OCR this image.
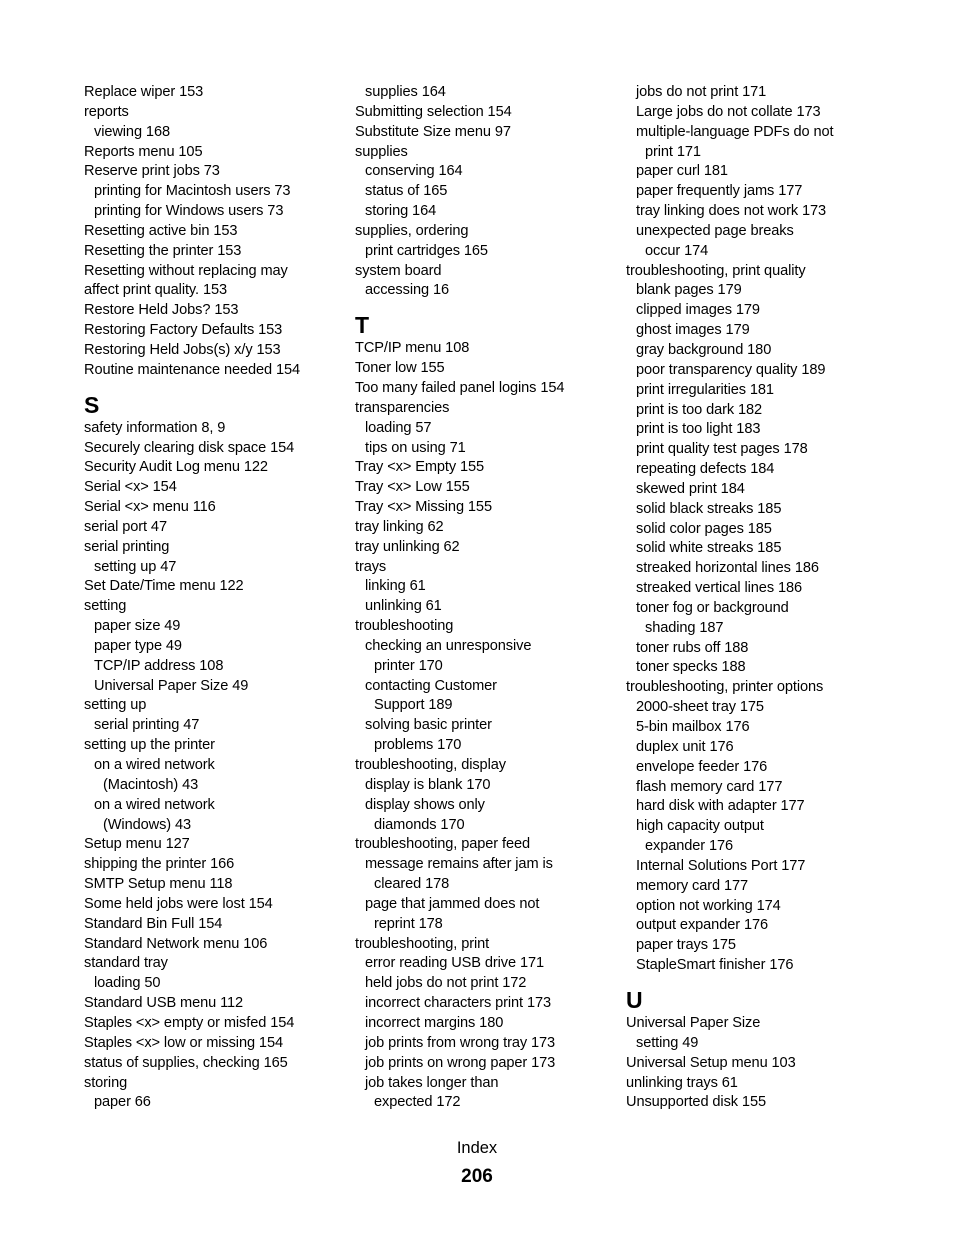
Replace wiper 153
reports
viewing 168
Reports menu 105
Reserve print jobs 73
printing for Macintosh users 73
printing for Windows users 73
Resetting active bin 153
Resetting the printer 153
Resetting without replacing may
affect print quality. 153
Restore Held Jobs? 153
Restoring Factory Defaults 153
Restoring Held Jobs(s) x/y 153
Routine maintenance needed 154
S
safety information 8, 9
Securely clearing disk space 154
Security Audit Log menu 122
Serial <x> 154
Serial <x> menu 116
serial port 47
serial printing
setting up 47
Set Date/Time menu 122
setting
paper size 49
paper type 49
TCP/IP address 108
Universal Paper Size 49
setting up
serial printing 47
setting up the printer
on a wired network
(Macintosh) 43
on a wired network
(Windows) 43
Setup menu 127
shipping the printer 166
SMTP Setup menu 118
Some held jobs were lost 154
Standard Bin Full 154
Standard Network menu 106
standard tray
loading 50
Standard USB menu 112
Staples <x> empty or misfed 154
Staples <x> low or missing 154
status of supplies, checking 165
storing
paper 66
supplies 164
Submitting selection 154
Substitute Size menu 97
supplies
conserving 164
status of 165
storing 164
supplies, ordering
print cartridges 165
system board
accessing 16
T
TCP/IP menu 108
Toner low 155
Too many failed panel logins 154
transparencies
loading 57
tips on using 71
Tray <x> Empty 155
Tray <x> Low 155
Tray <x> Missing 155
tray linking 62
tray unlinking 62
trays
linking 61
unlinking 61
troubleshooting
checking an unresponsive
printer 170
contacting Customer
Support 189
solving basic printer
problems 170
troubleshooting, display
display is blank 170
display shows only
diamonds 170
troubleshooting, paper feed
message remains after jam is
cleared 178
page that jammed does not
reprint 178
troubleshooting, print
error reading USB drive 171
held jobs do not print 172
incorrect characters print 173
incorrect margins 180
job prints from wrong tray 173
job prints on wrong paper 173
job takes longer than
expected 172
jobs do not print 171
Large jobs do not collate 173
multiple-language PDFs do not
print 171
paper curl 181
paper frequently jams 177
tray linking does not work 173
unexpected page breaks
occur 174
troubleshooting, print quality
blank pages 179
clipped images 179
ghost images 179
gray background 180
poor transparency quality 189
print irregularities 181
print is too dark 182
print is too light 183
print quality test pages 178
repeating defects 184
skewed print 184
solid black streaks 185
solid color pages 185
solid white streaks 185
streaked horizontal lines 186
streaked vertical lines 186
toner fog or background
shading 187
toner rubs off 188
toner specks 188
troubleshooting, printer options
2000-sheet tray 175
5-bin mailbox 176
duplex unit 176
envelope feeder 176
flash memory card 177
hard disk with adapter 177
high capacity output
expander 176
Internal Solutions Port 177
memory card 177
option not working 174
output expander 176
paper trays 175
StapleSmart finisher 176
U
Universal Paper Size
setting 49
Universal Setup menu 103
unlinking trays 61
Unsupported disk 155
Index
206
